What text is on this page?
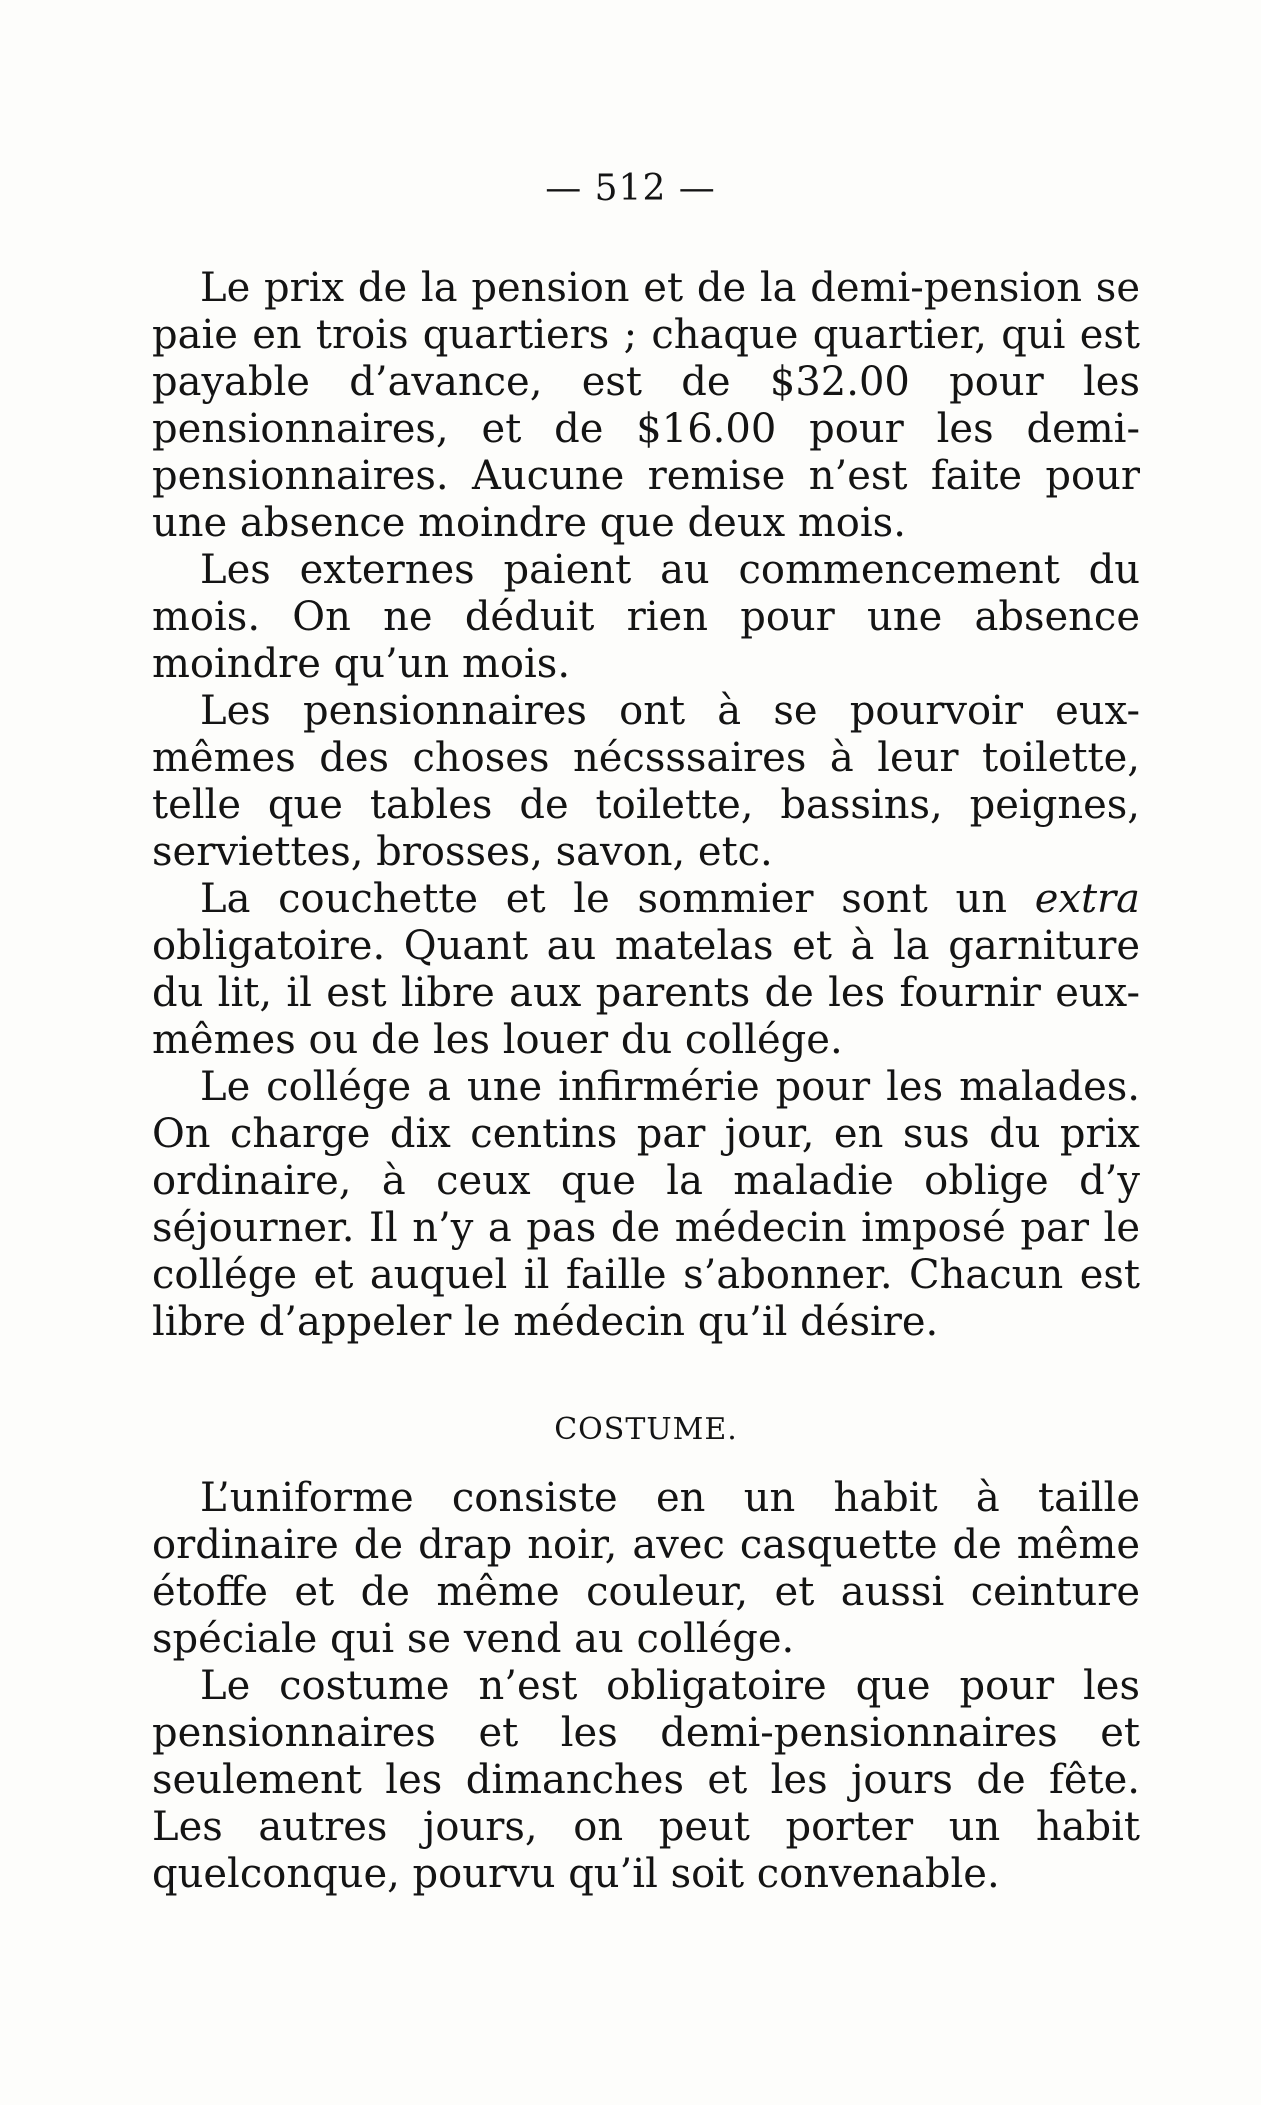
— 512 —

Le prix de la pension et de la demi-pension se paie en trois quartiers ; chaque quartier, qui est payable d’avance, est de $32.00 pour les pensionnaires, et de $16.00 pour les demi-pensionnaires. Aucune remise n’est faite pour une absence moindre que deux mois.

Les externes paient au commencement du mois. On ne déduit rien pour une absence moindre qu’un mois.

Les pensionnaires ont à se pourvoir eux-mêmes des choses nécsssaires à leur toilette, telle que tables de toilette, bassins, peignes, serviettes, brosses, savon, etc.

La couchette et le sommier sont un extra obligatoire. Quant au matelas et à la garniture du lit, il est libre aux parents de les fournir eux-mêmes ou de les louer du collége.

Le collége a une infirmérie pour les malades. On charge dix centins par jour, en sus du prix ordinaire, à ceux que la maladie oblige d’y séjourner. Il n’y a pas de médecin imposé par le collége et auquel il faille s’abonner. Chacun est libre d’appeler le médecin qu’il désire.

COSTUME.

L’uniforme consiste en un habit à taille ordinaire de drap noir, avec casquette de même étoffe et de même couleur, et aussi ceinture spéciale qui se vend au collége.

Le costume n’est obligatoire que pour les pensionnaires et les demi-pensionnaires et seulement les dimanches et les jours de fête. Les autres jours, on peut porter un habit quelconque, pourvu qu’il soit convenable.
